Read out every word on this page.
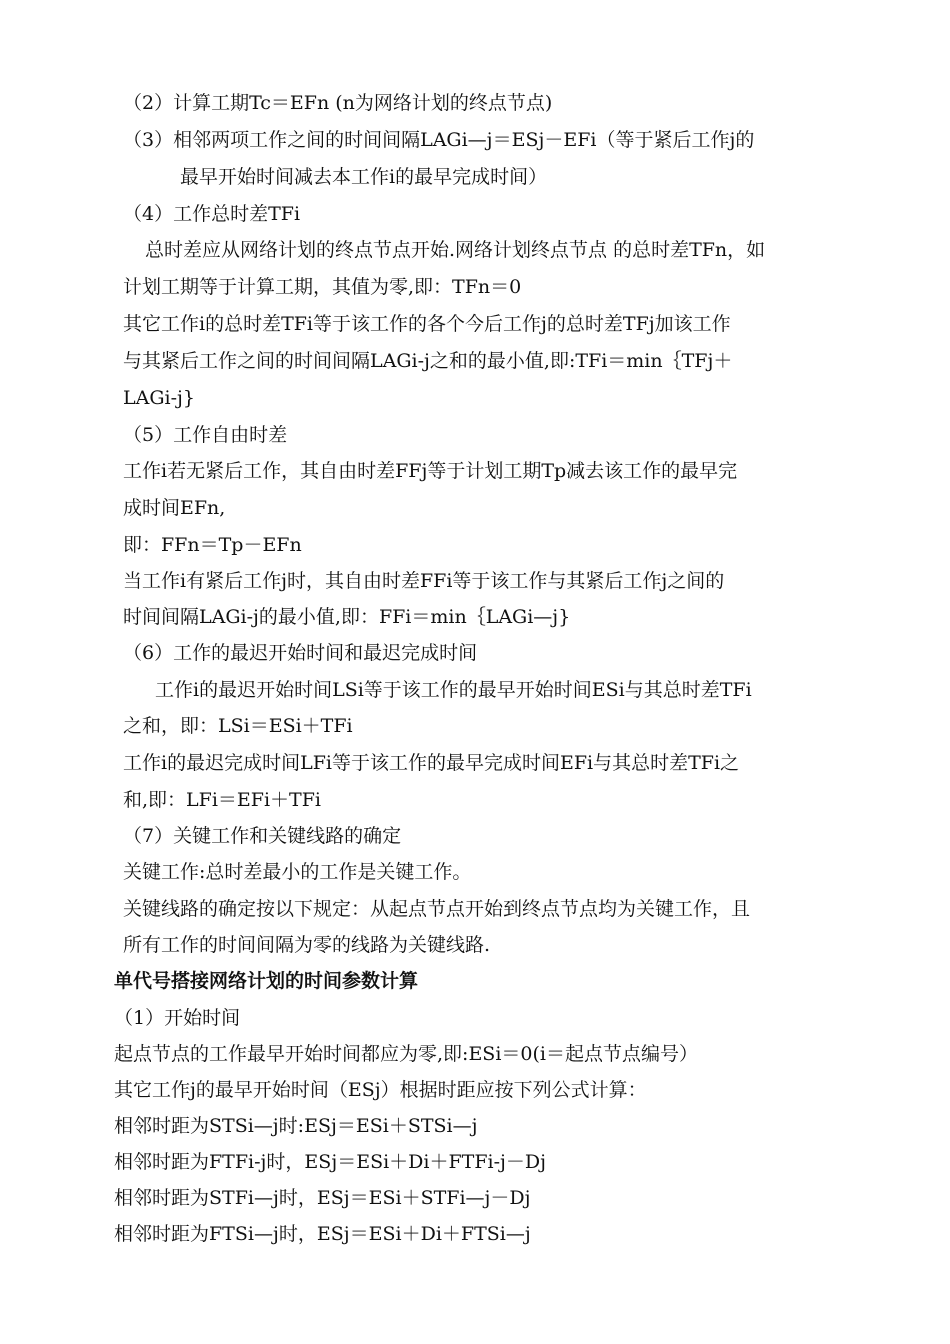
（2）计算工期Tc＝EFn (n为网络计划的终点节点)
（3）相邻两项工作之间的时间间隔LAGi—j＝ESj－EFi（等于紧后工作j的
最早开始时间减去本工作i的最早完成时间）
（4）工作总时差TFi
总时差应从网络计划的终点节点开始.网络计划终点节点 的总时差TFn，如
计划工期等于计算工期，其值为零,即：TFn＝0
其它工作i的总时差TFi等于该工作的各个今后工作j的总时差TFj加该工作
与其紧后工作之间的时间间隔LAGi-j之和的最小值,即:TFi＝min｛TFj＋
LAGi-j}
（5）工作自由时差
工作i若无紧后工作，其自由时差FFj等于计划工期Tp减去该工作的最早完
成时间EFn,
即：FFn＝Tp－EFn
当工作i有紧后工作j时，其自由时差FFi等于该工作与其紧后工作j之间的
时间间隔LAGi-j的最小值,即：FFi＝min｛LAGi—j}
（6）工作的最迟开始时间和最迟完成时间
工作i的最迟开始时间LSi等于该工作的最早开始时间ESi与其总时差TFi
之和，即：LSi＝ESi＋TFi
工作i的最迟完成时间LFi等于该工作的最早完成时间EFi与其总时差TFi之
和,即：LFi＝EFi＋TFi
（7）关键工作和关键线路的确定
关键工作:总时差最小的工作是关键工作。
关键线路的确定按以下规定：从起点节点开始到终点节点均为关键工作，且
所有工作的时间间隔为零的线路为关键线路.
单代号搭接网络计划的时间参数计算
（1）开始时间
起点节点的工作最早开始时间都应为零,即:ESi＝0(i＝起点节点编号）
其它工作j的最早开始时间（ESj）根据时距应按下列公式计算：
相邻时距为STSi—j时:ESj＝ESi＋STSi—j
相邻时距为FTFi-j时，ESj＝ESi＋Di＋FTFi-j－Dj
相邻时距为STFi—j时，ESj＝ESi＋STFi—j－Dj
相邻时距为FTSi—j时，ESj＝ESi＋Di＋FTSi—j
